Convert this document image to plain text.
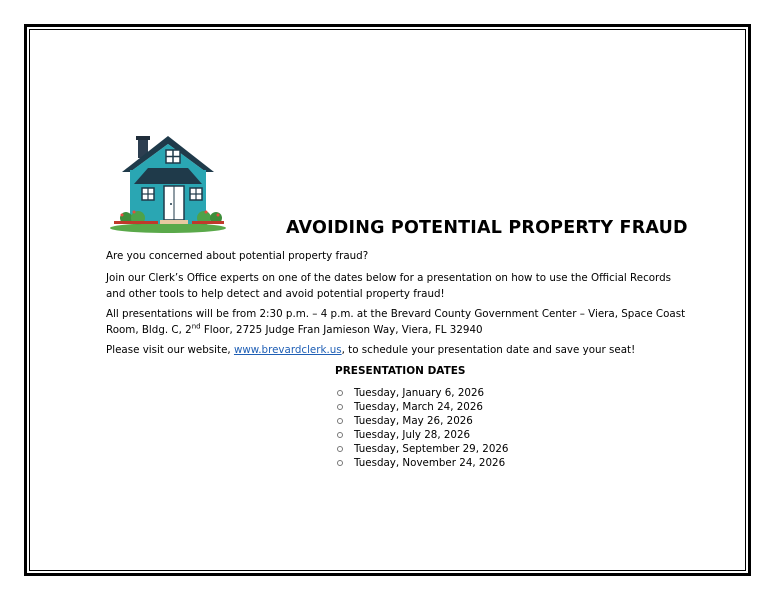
AVOIDING POTENTIAL PROPERTY FRAUD

Are you concerned about potential property fraud?

Join our Clerk’s Office experts on one of the dates below for a presentation on how to use the Official Records and other tools to help detect and avoid potential property fraud!

All presentations will be from 2:30 p.m. – 4 p.m. at the Brevard County Government Center – Viera, Space Coast Room, Bldg. C, 2nd Floor, 2725 Judge Fran Jamieson Way, Viera, FL 32940

Please visit our website, www.brevardclerk.us, to schedule your presentation date and save your seat!

PRESENTATION DATES
Tuesday, January 6, 2026
Tuesday, March 24, 2026
Tuesday, May 26, 2026
Tuesday, July 28, 2026
Tuesday, September 29, 2026
Tuesday, November 24, 2026
